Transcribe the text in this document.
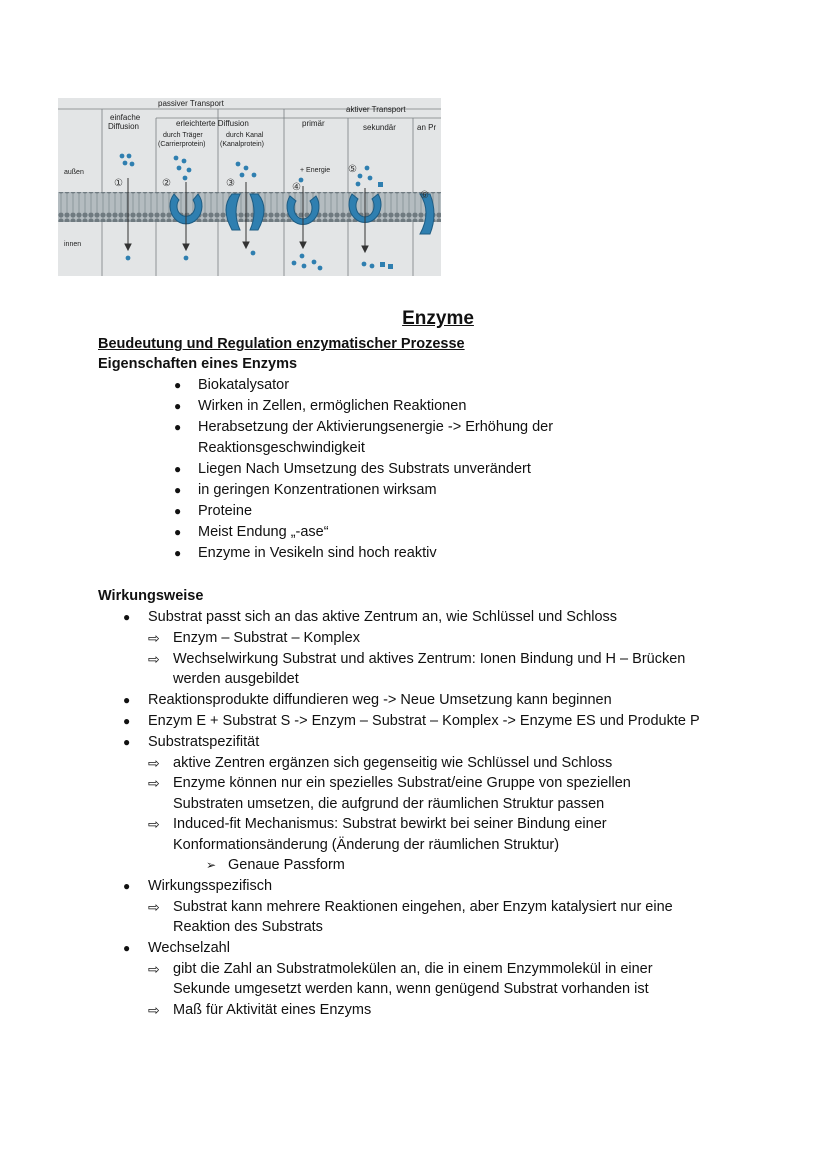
passiver Transport
aktiver Transport
einfache
Diffusion	erleichterte Diffusion
durch Träger
(Carrierprotein)
durch Kanal
(Kanalprotein)
primär	sekundär	an Pr
außen
innen
+ Energie
①	②	③	④
⑤
⑥
Enzyme
Beudeutung und Regulation enzymatischer Prozesse
Eigenschaften eines Enzyms
● Biokatalysator
● Wirken in Zellen, ermöglichen Reaktionen
● Herabsetzung der Aktivierungsenergie -> Erhöhung der
Reaktionsgeschwindigkeit
● Liegen Nach Umsetzung des Substrats unverändert
● in geringen Konzentrationen wirksam
● Proteine
● Meist Endung „-ase“
● Enzyme in Vesikeln sind hoch reaktiv
Wirkungsweise
● Substrat passt sich an das aktive Zentrum an, wie Schlüssel und Schloss
⇨ Enzym – Substrat – Komplex
⇨ Wechselwirkung Substrat und aktives Zentrum: Ionen Bindung und H – Brücken
werden ausgebildet
● Reaktionsprodukte diffundieren weg -> Neue Umsetzung kann beginnen
● Enzym E + Substrat S -> Enzym – Substrat – Komplex -> Enzyme ES und Produkte P
● Substratspezifität
⇨ aktive Zentren ergänzen sich gegenseitig wie Schlüssel und Schloss
⇨ Enzyme können nur ein spezielles Substrat/eine Gruppe von speziellen
Substraten umsetzen, die aufgrund der räumlichen Struktur passen
⇨ Induced-fit Mechanismus: Substrat bewirkt bei seiner Bindung einer
Konformationsänderung (Änderung der räumlichen Struktur)
➢ Genaue Passform
● Wirkungsspezifisch
⇨ Substrat kann mehrere Reaktionen eingehen, aber Enzym katalysiert nur eine
Reaktion des Substrats
● Wechselzahl
⇨ gibt die Zahl an Substratmolekülen an, die in einem Enzymmolekül in einer
Sekunde umgesetzt werden kann, wenn genügend Substrat vorhanden ist
⇨ Maß für Aktivität eines Enzyms
